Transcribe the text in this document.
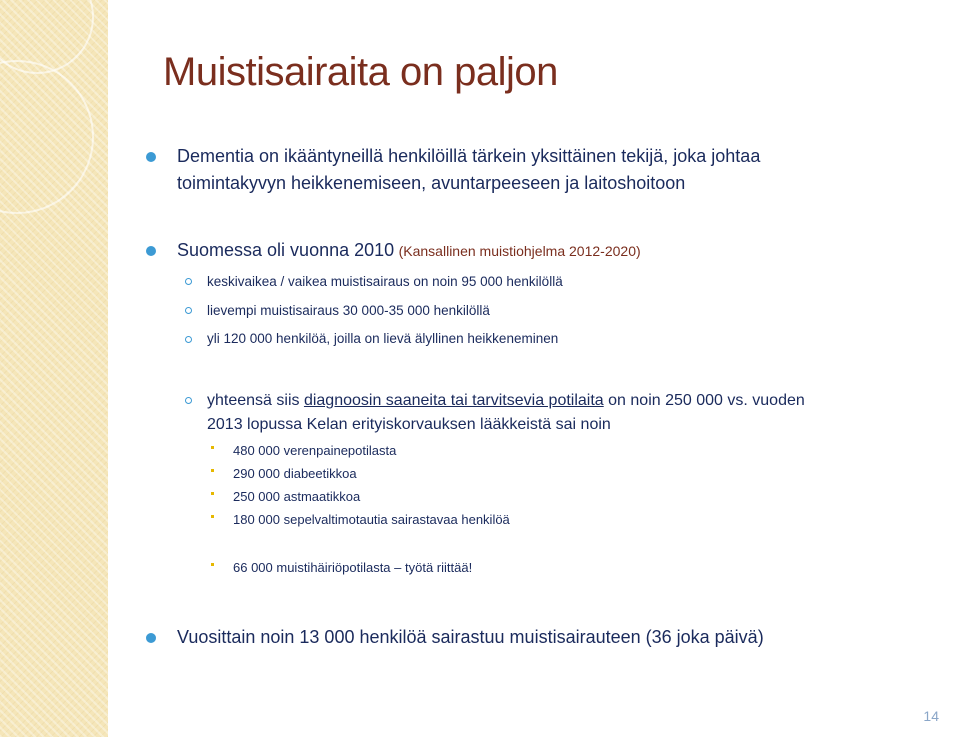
Muistisairaita on paljon
Dementia on ikääntyneillä henkilöillä tärkein yksittäinen tekijä, joka johtaa
toimintakyvyn heikkenemiseen, avuntarpeeseen ja laitoshoitoon
Suomessa oli vuonna 2010 (Kansallinen muistiohjelma 2012-2020)
keskivaikea / vaikea muistisairaus on noin 95 000 henkilöllä
lievempi muistisairaus 30 000-35 000 henkilöllä
yli 120 000 henkilöä, joilla on lievä älyllinen heikkeneminen
yhteensä siis diagnoosin saaneita tai tarvitsevia potilaita on noin 250 000 vs. vuoden
2013 lopussa Kelan erityiskorvauksen lääkkeistä sai noin
480 000 verenpainepotilasta
290 000 diabeetikkoa
250 000 astmaatikkoa
180 000 sepelvaltimotautia sairastavaa henkilöä
66 000 muistihäiriöpotilasta – työtä riittää!
Vuosittain noin 13 000 henkilöä sairastuu muistisairauteen (36 joka päivä)
14
